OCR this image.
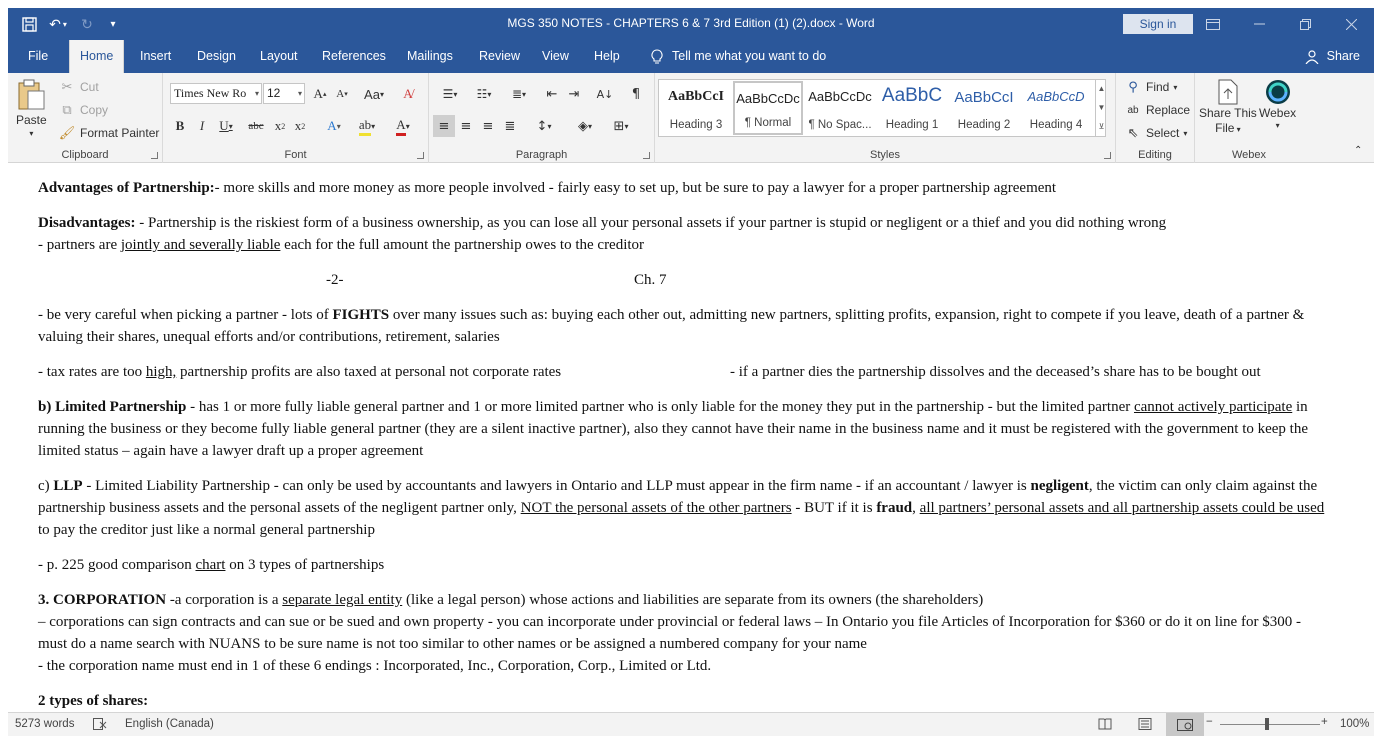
↶ ▾	↻	▾	MGS 350 NOTES - CHAPTERS 6 & 7 3rd Edition (1) (2).docx - Word	Sign in
File	Home	Insert	Design	Layout	References	Mailings	Review	View	Help	Tell me what you want to do	Share
Paste
▾
✂ Cut
⧉ Copy
🖌 Format Painter
Clipboard
Times New Ro ▾ 12 ▾ A ▴ A ▾	Aa ▾	A̸
B	I	U ▾	abc x 2 x 2	A ▾ ab ▾ A ▾
Font
☰ ▾	☷ ▾	≣ ▾	⇤ ⇥	A↓	¶
≡ ≡ ≡ ≣	↕ ▾	◈ ▾	⊞ ▾
Paragraph	Styles
AaBbCcI
Heading 3
AaBbCcDc
¶ Normal
AaBbCcDc
¶ No Spac...
AaBbC
Heading 1
AaBbCcI
Heading 2
AaBbCcD
Heading 4
▲
▼
⊻
⚲ Find ▾
ab Replace
⇖ Select ▾
Editing
Share This
File ▾
Webex
▾
Webex	⌃
Advantages of Partnership:- more skills and more money as more people involved - fairly easy to set up, but be sure to pay a lawyer for a proper partnership agreement
Disadvantages: - Partnership is the riskiest form of a business ownership, as you can lose all your personal assets if your partner is stupid or negligent or a thief and you did nothing wrong
- partners are jointly and severally liable each for the full amount the partnership owes to the creditor
-2-	Ch. 7
- be very careful when picking a partner - lots of FIGHTS over many issues such as: buying each other out, admitting new partners, splitting profits, expansion, right to compete if you leave, death of a partner & valuing their shares, unequal efforts and/or contributions, retirement, salaries
- tax rates are too high, partnership profits are also taxed at personal not corporate rates	- if a partner dies the partnership dissolves and the deceased’s share has to be bought out
b) Limited Partnership - has 1 or more fully liable general partner and 1 or more limited partner who is only liable for the money they put in the partnership - but the limited partner cannot actively participate in running the business or they become fully liable general partner (they are a silent inactive partner), also they cannot have their name in the business name and it must be registered with the government to keep the limited status – again have a lawyer draft up a proper agreement
c) LLP - Limited Liability Partnership - can only be used by accountants and lawyers in Ontario and LLP must appear in the firm name - if an accountant / lawyer is negligent, the victim can only claim against the partnership business assets and the personal assets of the negligent partner only, NOT the personal assets of the other partners - BUT if it is fraud, all partners’ personal assets and all partnership assets could be used to pay the creditor just like a normal general partnership
- p. 225 good comparison chart on 3 types of partnerships
3. CORPORATION -a corporation is a separate legal entity (like a legal person) whose actions and liabilities are separate from its owners (the shareholders)
– corporations can sign contracts and can sue or be sued and own property - you can incorporate under provincial or federal laws – In Ontario you file Articles of Incorporation for $360 or do it on line for $300 - must do a name search with NUANS to be sure name is not too similar to other names or be assigned a numbered company for your name
- the corporation name must end in 1 of these 6 endings : Incorporated, Inc., Corporation, Corp., Limited or Ltd.
2 types of shares:
5273 words	English (Canada)	−	+ 100%
